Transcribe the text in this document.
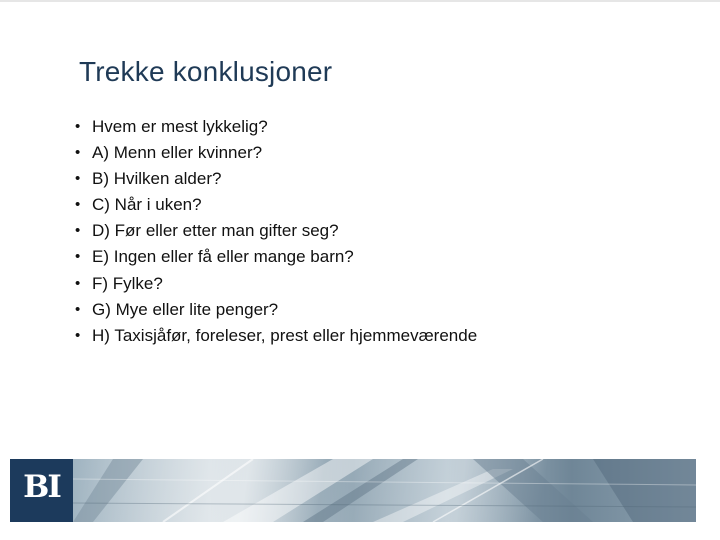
Trekke konklusjoner
• Hvem er mest lykkelig?
• A) Menn eller kvinner?
• B) Hvilken alder?
• C) Når i uken?
• D) Før eller etter man gifter seg?
• E) Ingen eller få eller mange barn?
• F) Fylke?
• G) Mye eller lite penger?
• H) Taxisjåfør, foreleser, prest eller hjemmeværende
BI
